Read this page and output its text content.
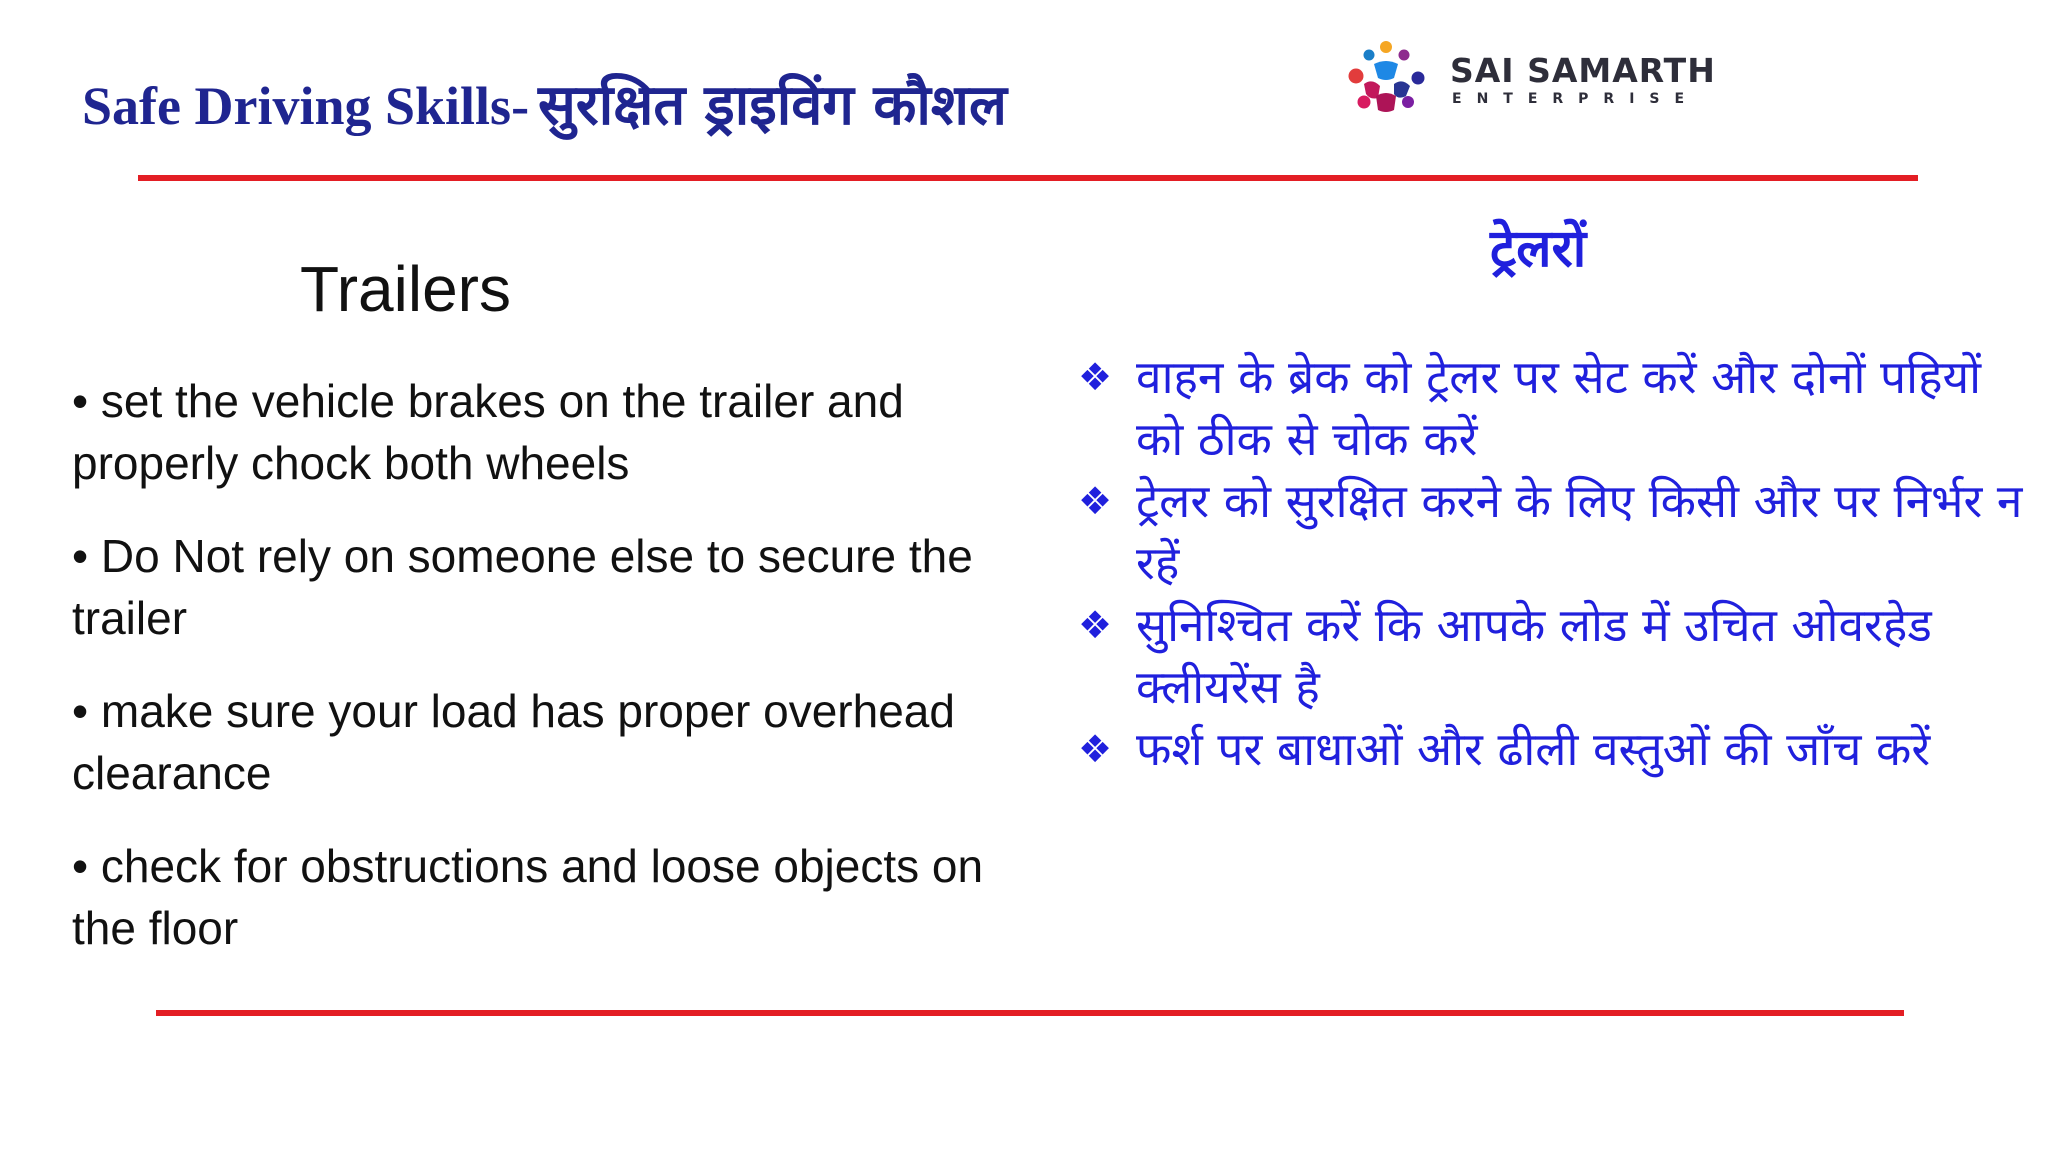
Safe Driving Skills- सुरक्षित ड्राइविंग कौशल
SAI SAMARTH
ENTERPRISE
Trailers
• set the vehicle brakes on the trailer and properly chock both wheels
• Do Not rely on someone else to secure the trailer
• make sure your load has proper overhead clearance
• check for obstructions and loose objects on the floor
ट्रेलरों
❖ वाहन के ब्रेक को ट्रेलर पर सेट करें और दोनों पहियों को ठीक से चोक करें
❖ ट्रेलर को सुरक्षित करने के लिए किसी और पर निर्भर न रहें
❖ सुनिश्चित करें कि आपके लोड में उचित ओवरहेड क्लीयरेंस है
❖ फर्श पर बाधाओं और ढीली वस्तुओं की जाँच करें
